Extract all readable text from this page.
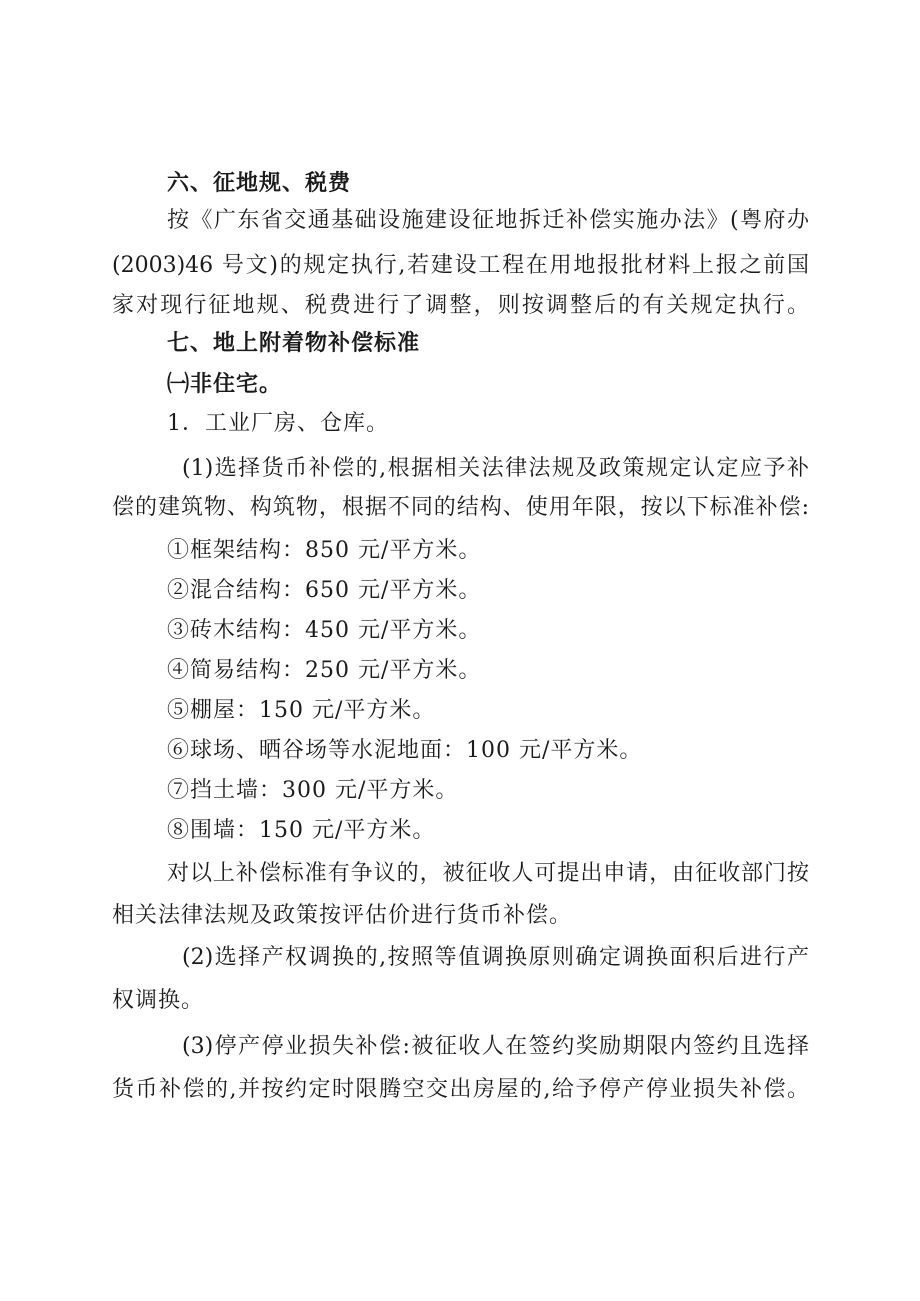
六、征地规、税费
按《广东省交通基础设施建设征地拆迁补偿实施办法》(粤府办
(2003)46 号文)的规定执行,若建设工程在用地报批材料上报之前国
家对现行征地规、税费进行了调整，则按调整后的有关规定执行。
七、地上附着物补偿标准
㈠非住宅。
1．工业厂房、仓库。
(1)选择货币补偿的,根据相关法律法规及政策规定认定应予补
偿的建筑物、构筑物，根据不同的结构、使用年限，按以下标准补偿:
①框架结构：850 元/平方米。
②混合结构：650 元/平方米。
③砖木结构：450 元/平方米。
④简易结构：250 元/平方米。
⑤棚屋：150 元/平方米。
⑥球场、晒谷场等水泥地面：100 元/平方米。
⑦挡土墙：300 元/平方米。
⑧围墙：150 元/平方米。
对以上补偿标准有争议的，被征收人可提出申请，由征收部门按
相关法律法规及政策按评估价进行货币补偿。
(2)选择产权调换的,按照等值调换原则确定调换面积后进行产
权调换。
(3)停产停业损失补偿:被征收人在签约奖励期限内签约且选择
货币补偿的,并按约定时限腾空交出房屋的,给予停产停业损失补偿。
